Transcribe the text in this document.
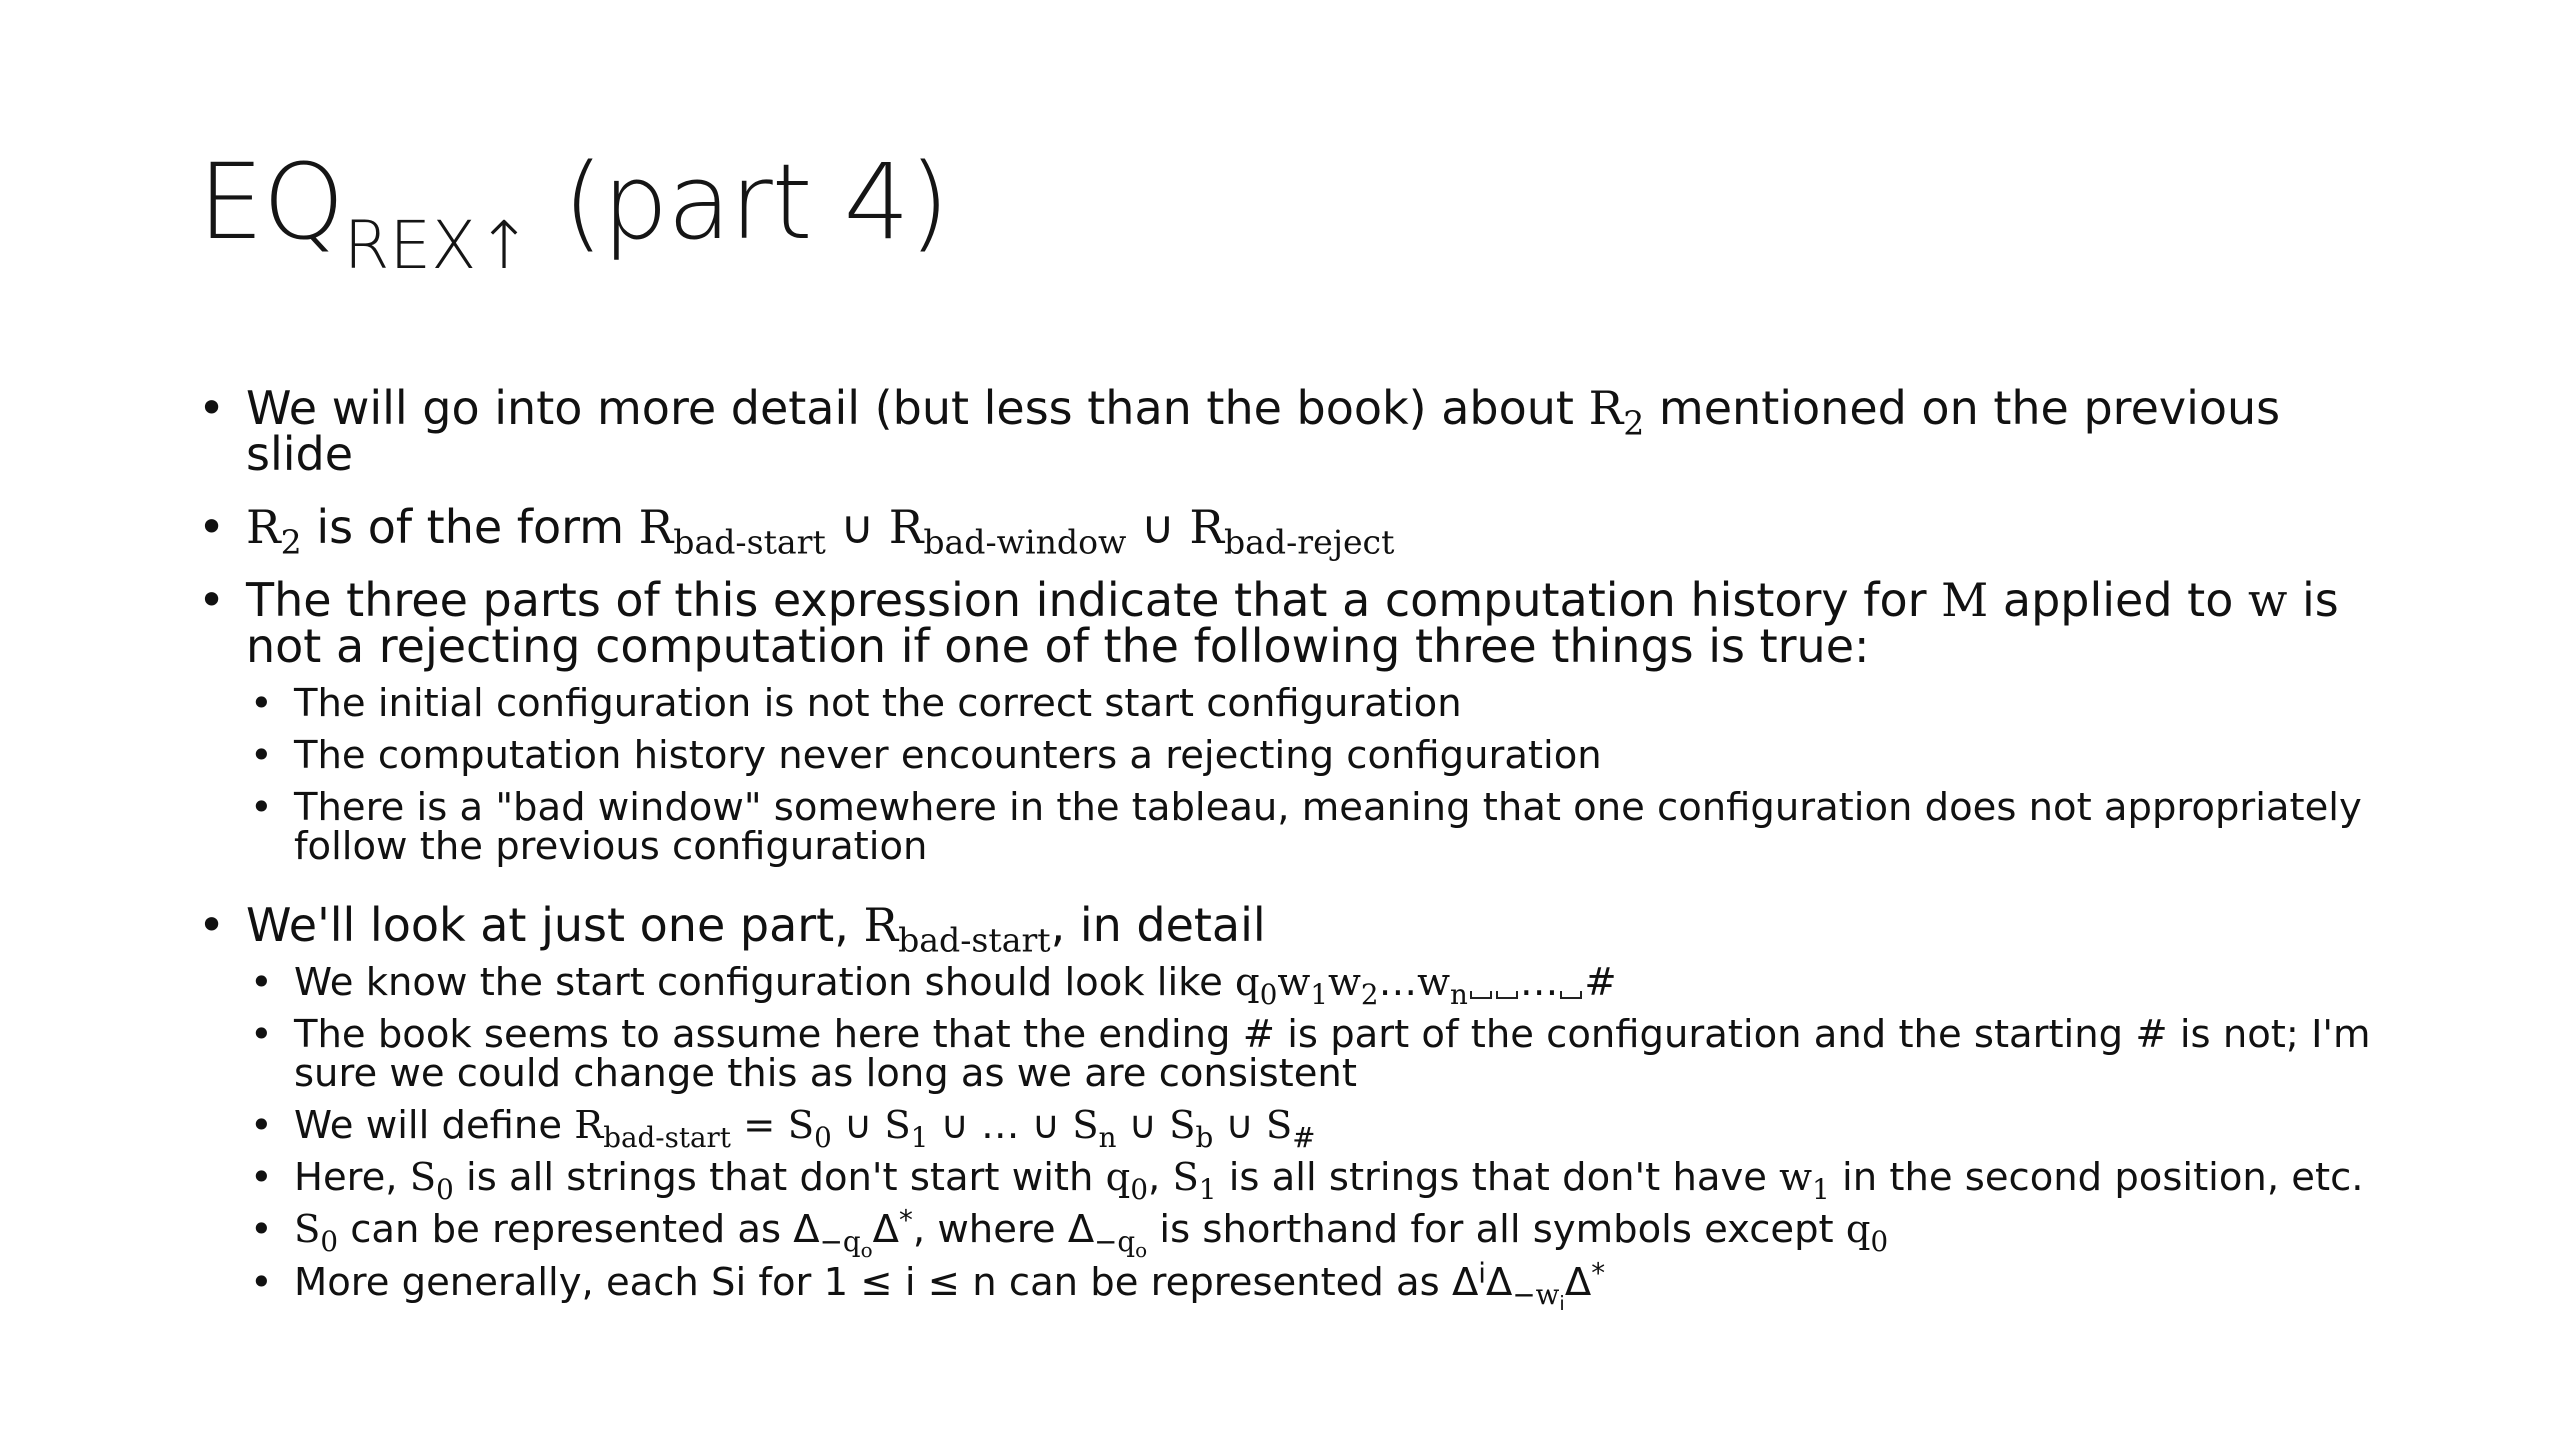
$EQ_{REX↑}$ (part 4)
• We will go into more detail (but less than the book) about $R_2$ mentioned on the previous slide
• $R_2$ is of the form $R_{bad-start}$ ∪ $R_{bad-window}$ ∪ $R_{bad-reject}$
• The three parts of this expression indicate that a computation history for M applied to w is not a rejecting computation if one of the following three things is true:
• The initial configuration is not the correct start configuration
• The computation history never encounters a rejecting configuration
• There is a "bad window" somewhere in the tableau, meaning that one configuration does not appropriately follow the previous configuration
• We'll look at just one part, $R_{bad-start}$, in detail
• We know the start configuration should look like $q_0w_1w_2\dots w_n$ … #
• The book seems to assume here that the ending # is part of the configuration and the starting # is not; I'm sure we could change this as long as we are consistent
• We will define $R_{bad-start} = S_0$ ∪ $S_1$ ∪ … ∪ $S_n$ ∪ $S_b$ ∪ $S_{\#}$
• Here, $S_0$ is all strings that don't start with $q_0$, $S_1$ is all strings that don't have $w_1$ in the second position, etc.
• $S_0$ can be represented as $\Delta_{-q_o}\Delta^*$, where $\Delta_{-q_o}$ is shorthand for all symbols except $q_0$
• More generally, each Si for 1 ≤ i ≤ n can be represented as $\Delta^i\Delta_{-w_i}\Delta^*$
